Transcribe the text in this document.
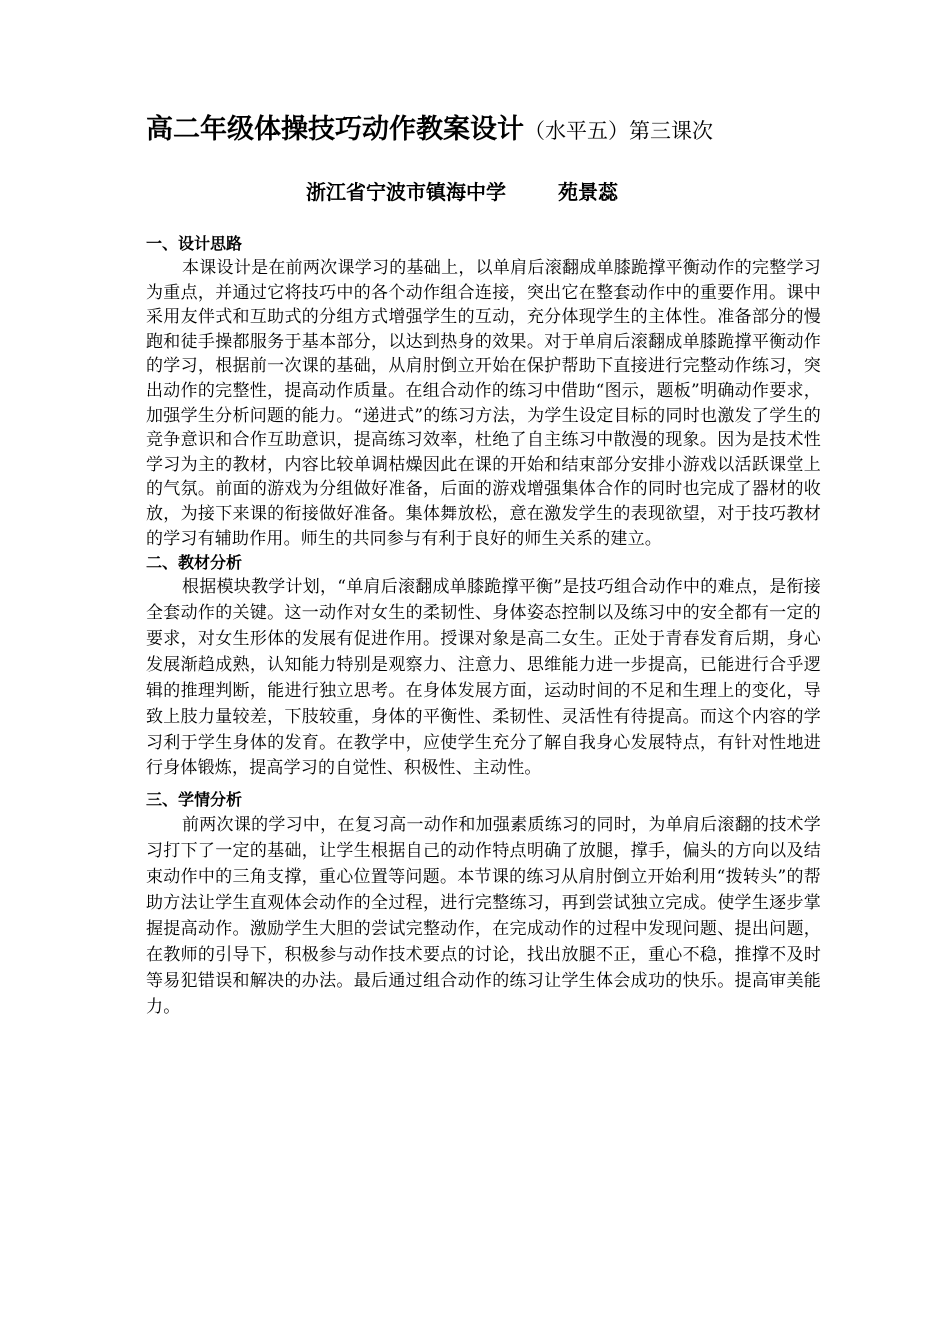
高二年级体操技巧动作教案设计（水平五）第三课次
浙江省宁波市镇海中学	苑景蕊
一、设计思路

本课设计是在前两次课学习的基础上，以单肩后滚翻成单膝跪撑平衡动作的完整学习为重点，并通过它将技巧中的各个动作组合连接，突出它在整套动作中的重要作用。课中采用友伴式和互助式的分组方式增强学生的互动，充分体现学生的主体性。准备部分的慢跑和徒手操都服务于基本部分，以达到热身的效果。对于单肩后滚翻成单膝跪撑平衡动作的学习，根据前一次课的基础，从肩肘倒立开始在保护帮助下直接进行完整动作练习，突出动作的完整性，提高动作质量。在组合动作的练习中借助“图示，题板”明确动作要求，加强学生分析问题的能力。“递进式”的练习方法，为学生设定目标的同时也激发了学生的竞争意识和合作互助意识，提高练习效率，杜绝了自主练习中散漫的现象。因为是技术性学习为主的教材，内容比较单调枯燥因此在课的开始和结束部分安排小游戏以活跃课堂上的气氛。前面的游戏为分组做好准备，后面的游戏增强集体合作的同时也完成了器材的收放，为接下来课的衔接做好准备。集体舞放松，意在激发学生的表现欲望，对于技巧教材的学习有辅助作用。师生的共同参与有利于良好的师生关系的建立。

二、教材分析

根据模块教学计划，“单肩后滚翻成单膝跪撑平衡”是技巧组合动作中的难点，是衔接全套动作的关键。这一动作对女生的柔韧性、身体姿态控制以及练习中的安全都有一定的要求，对女生形体的发展有促进作用。授课对象是高二女生。正处于青春发育后期，身心发展渐趋成熟，认知能力特别是观察力、注意力、思维能力进一步提高，已能进行合乎逻辑的推理判断，能进行独立思考。在身体发展方面，运动时间的不足和生理上的变化，导致上肢力量较差，下肢较重，身体的平衡性、柔韧性、灵活性有待提高。而这个内容的学习利于学生身体的发育。在教学中，应使学生充分了解自我身心发展特点，有针对性地进行身体锻炼，提高学习的自觉性、积极性、主动性。

三、学情分析

前两次课的学习中，在复习高一动作和加强素质练习的同时，为单肩后滚翻的技术学习打下了一定的基础，让学生根据自己的动作特点明确了放腿，撑手，偏头的方向以及结束动作中的三角支撑，重心位置等问题。本节课的练习从肩肘倒立开始利用“拨转头”的帮助方法让学生直观体会动作的全过程，进行完整练习，再到尝试独立完成。使学生逐步掌握提高动作。激励学生大胆的尝试完整动作，在完成动作的过程中发现问题、提出问题，在教师的引导下，积极参与动作技术要点的讨论，找出放腿不正，重心不稳，推撑不及时等易犯错误和解决的办法。最后通过组合动作的练习让学生体会成功的快乐。提高审美能力。
